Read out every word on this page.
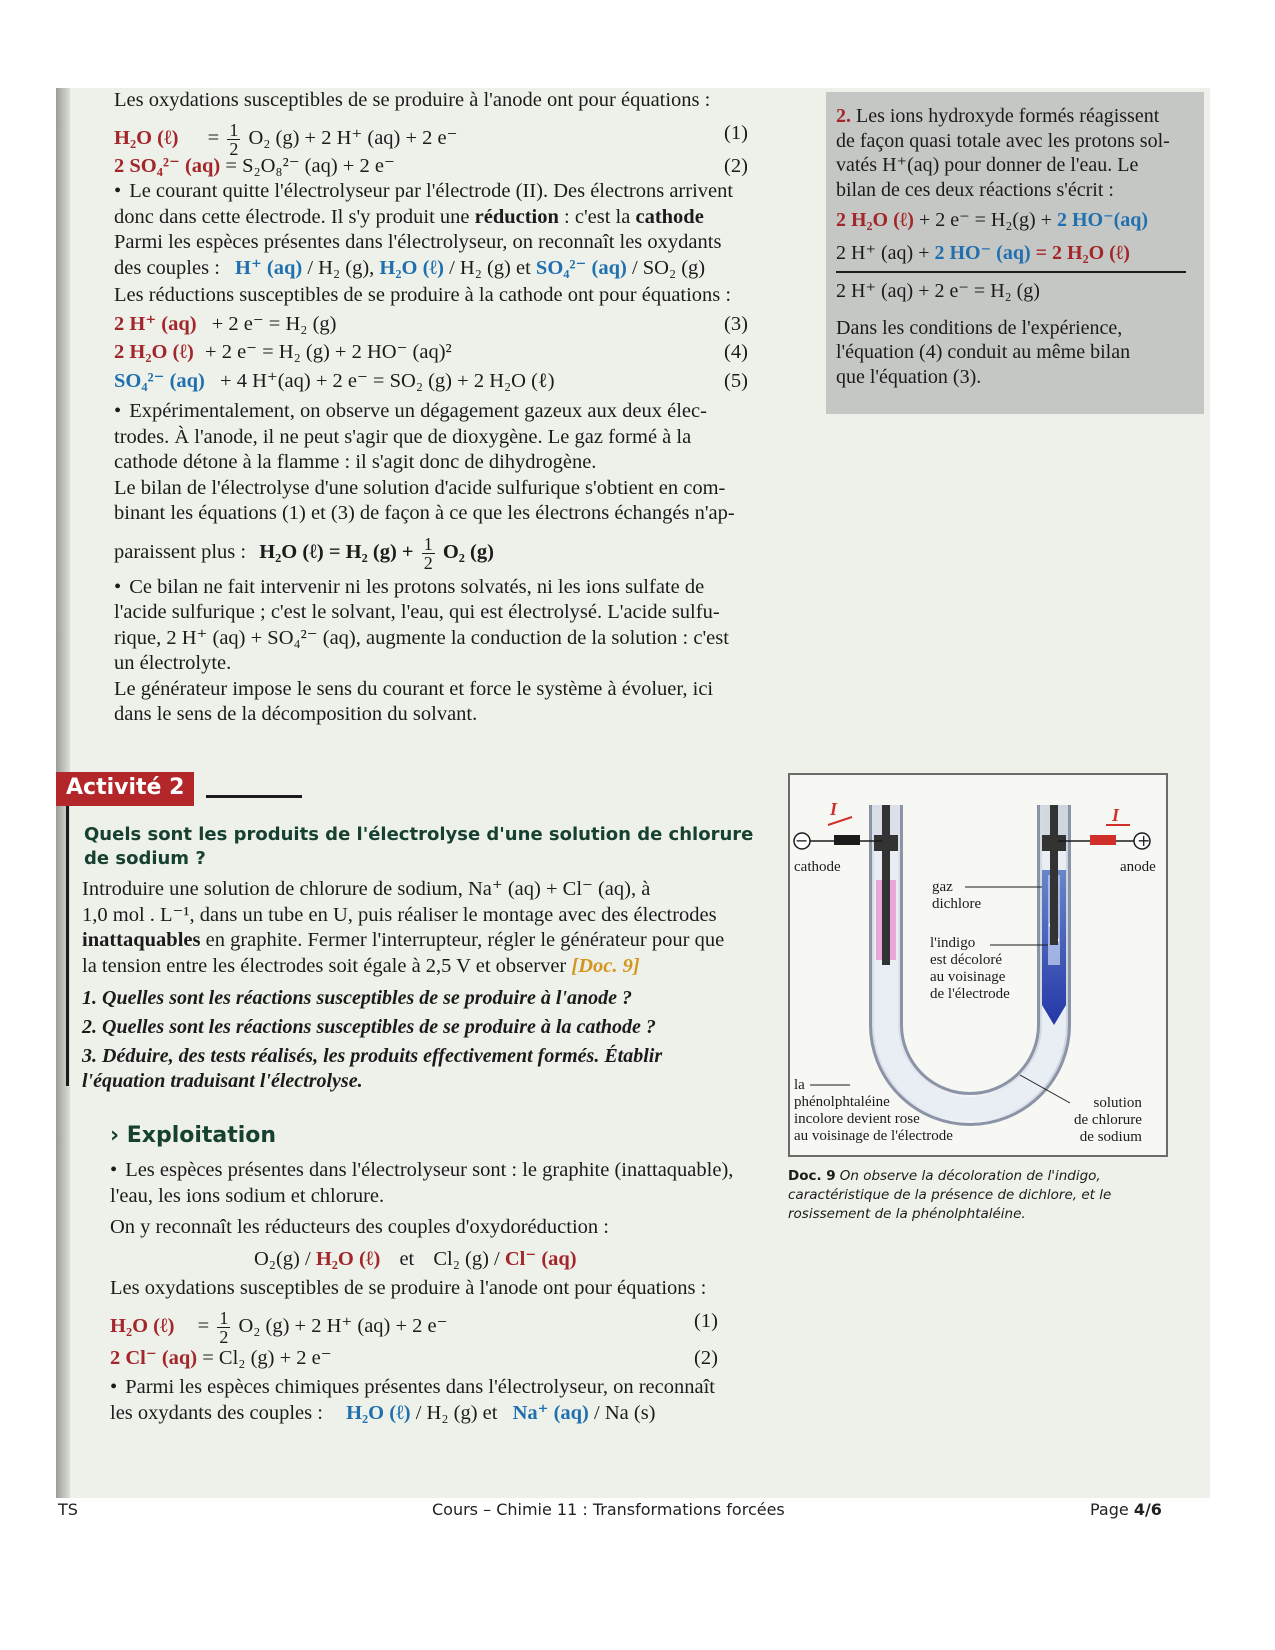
Les oxydations susceptibles de se produire à l'anode ont pour équations :
H₂O (ℓ) = $\frac{1}{2} O_2$ (g) + 2 H⁺ (aq) + 2 e⁻	(1)
2 SO₄²⁻ (aq) = S₂O₈²⁻ (aq) + 2 e⁻	(2)
• Le courant quitte l'électrolyseur par l'électrode (II). Des électrons arrivent
donc dans cette électrode. Il s'y produit une réduction : c'est la cathode
Parmi les espèces présentes dans l'électrolyseur, on reconnaît les oxydants
des couples : H⁺ (aq) / H₂ (g), H₂O (ℓ) / H₂ (g) et SO₄²⁻ (aq) / SO₂ (g)
Les réductions susceptibles de se produire à la cathode ont pour équations :
2 H⁺ (aq) + 2 e⁻ = H₂ (g)	(3)
2 H₂O (ℓ) + 2 e⁻ = H₂ (g) + 2 HO⁻ (aq)²	(4)
SO₄²⁻ (aq) + 4 H⁺(aq) + 2 e⁻ = SO₂ (g) + 2 H₂O (ℓ)	(5)
• Expérimentalement, on observe un dégagement gazeux aux deux élec-
trodes. À l'anode, il ne peut s'agir que de dioxygène. Le gaz formé à la
cathode détone à la flamme : il s'agit donc de dihydrogène.
Le bilan de l'électrolyse d'une solution d'acide sulfurique s'obtient en com-
binant les équations (1) et (3) de façon à ce que les électrons échangés n'ap-
paraissent plus : H₂O (ℓ) = H₂ $(g) + \frac{1}{2} O_2$ (g)
• Ce bilan ne fait intervenir ni les protons solvatés, ni les ions sulfate de
l'acide sulfurique ; c'est le solvant, l'eau, qui est électrolysé. L'acide sulfu-
rique, 2 H⁺ (aq) + SO₄²⁻ (aq), augmente la conduction de la solution : c'est
un électrolyte.
Le générateur impose le sens du courant et force le système à évoluer, ici
dans le sens de la décomposition du solvant.
2. Les ions hydroxyde formés réagissent
de façon quasi totale avec les protons sol-
vatés H⁺(aq) pour donner de l'eau. Le
bilan de ces deux réactions s'écrit :
2 H₂O (ℓ) + 2 e⁻ = H₂(g) + 2 HO⁻(aq)
2 H⁺ (aq) + 2 HO⁻ (aq) = 2 H₂O (ℓ)
2 H⁺ (aq) + 2 e⁻ = H₂ (g)
Dans les conditions de l'expérience,
l'équation (4) conduit au même bilan
que l'équation (3).
Activité 2
Quels sont les produits de l'électrolyse d'une solution de chlorure
de sodium ?
Introduire une solution de chlorure de sodium, Na⁺ (aq) + Cl⁻ (aq), à
1,0 mol . L⁻¹, dans un tube en U, puis réaliser le montage avec des électrodes
inattaquables en graphite. Fermer l'interrupteur, régler le générateur pour que
la tension entre les électrodes soit égale à 2,5 V et observer [Doc. 9]
1. Quelles sont les réactions susceptibles de se produire à l'anode ?
2. Quelles sont les réactions susceptibles de se produire à la cathode ?
3. Déduire, des tests réalisés, les produits effectivement formés. Établir
l'équation traduisant l'électrolyse.
› Exploitation
• Les espèces présentes dans l'électrolyseur sont : le graphite (inattaquable),
l'eau, les ions sodium et chlorure.
On y reconnaît les réducteurs des couples d'oxydoréduction :
O₂(g) / H₂O (ℓ) et Cl₂ (g) / Cl⁻ (aq)
Les oxydations susceptibles de se produire à l'anode ont pour équations :
H₂O (ℓ) = $\frac{1}{2} O_2$ (g) + 2 H⁺ (aq) + 2 e⁻	(1)
2 Cl⁻ (aq) = Cl₂ (g) + 2 e⁻	(2)
• Parmi les espèces chimiques présentes dans l'électrolyseur, on reconnaît
les oxydants des couples : H₂O (ℓ) / H₂ (g) et Na⁺ (aq) / Na (s)
−	+
I	I
cathode	anode
gaz
dichlore
l'indigo
est décoloré
au voisinage
de l'électrode
la
phénolphtaléine
incolore devient rose
au voisinage de l'électrode
solution
de chlorure
de sodium
Doc. 9 On observe la décoloration de l'indigo, caractéristique de la présence de dichlore, et le rosissement de la phénolphtaléine.
TS	Cours – Chimie 11 : Transformations forcées	Page 4/6
